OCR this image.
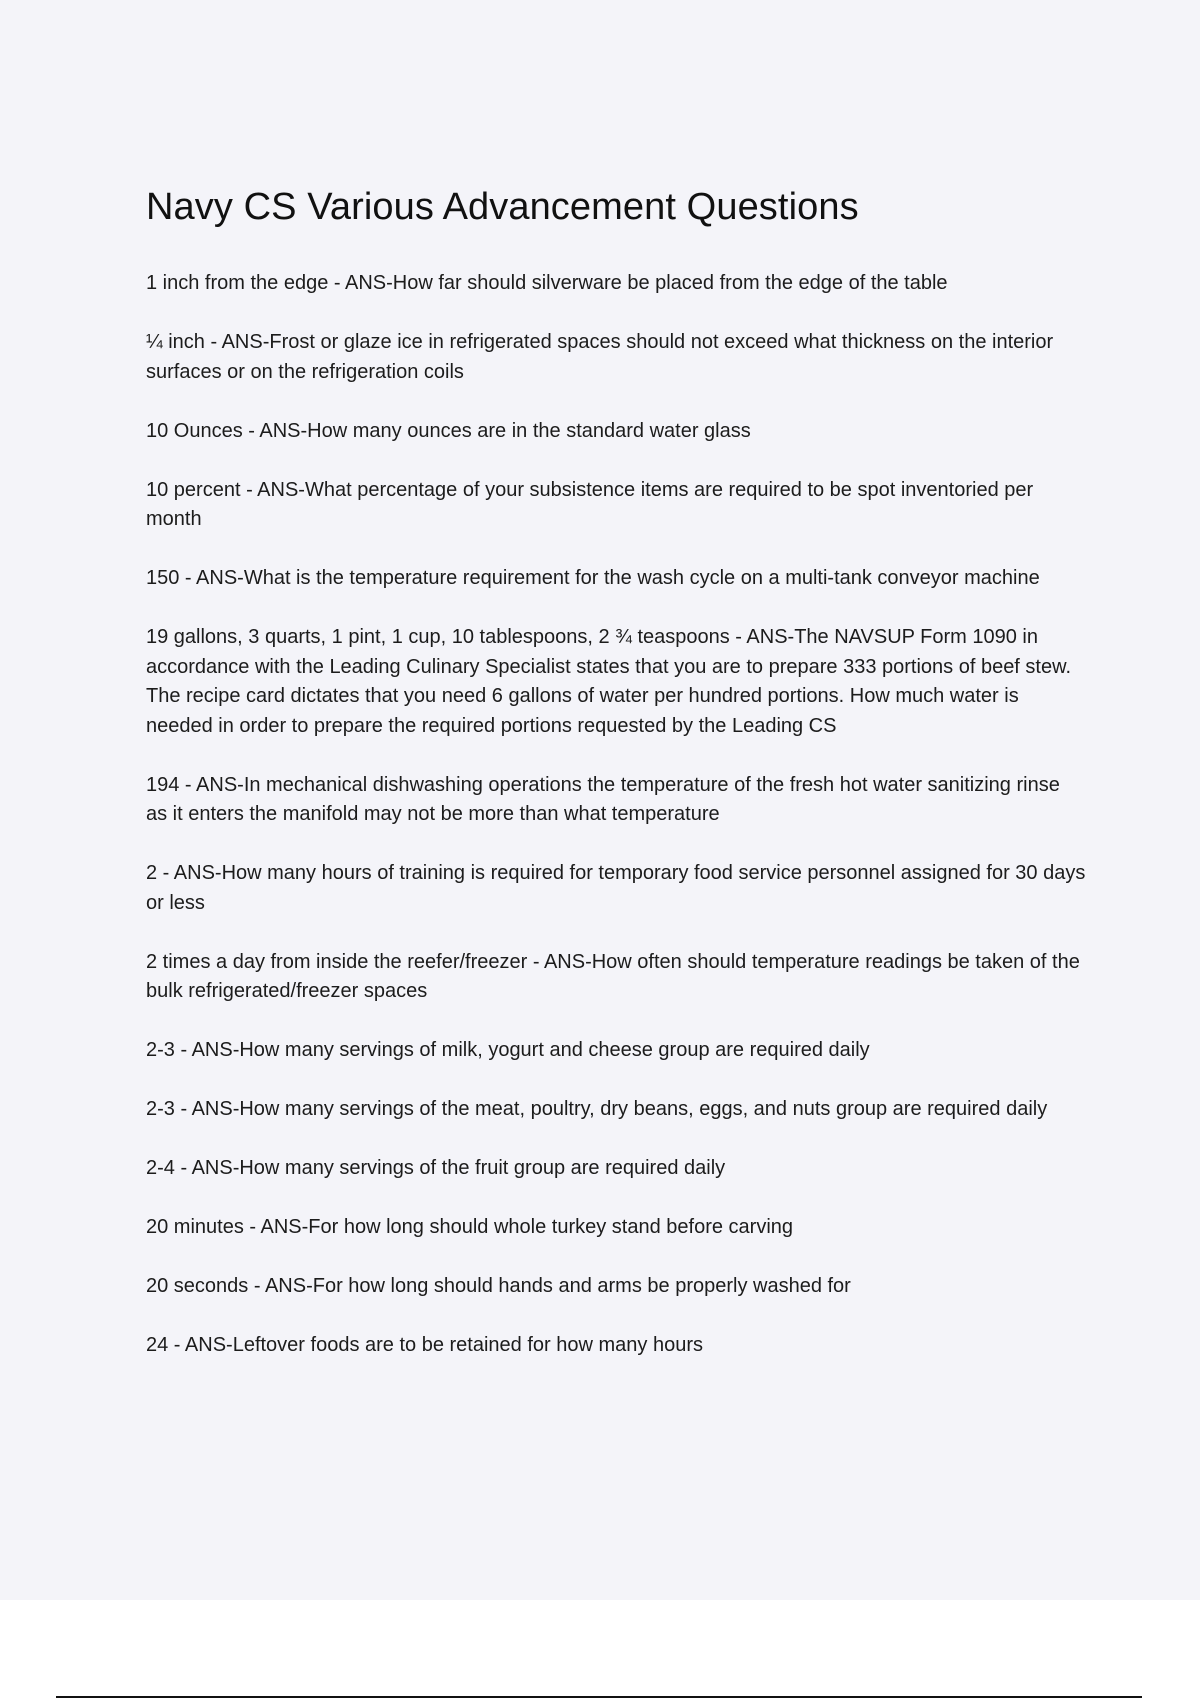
Navy CS Various Advancement Questions

1 inch from the edge - ANS-How far should silverware be placed from the edge of the table

¼ inch - ANS-Frost or glaze ice in refrigerated spaces should not exceed what thickness on the interior surfaces or on the refrigeration coils

10 Ounces - ANS-How many ounces are in the standard water glass

10 percent - ANS-What percentage of your subsistence items are required to be spot inventoried per month

150 - ANS-What is the temperature requirement for the wash cycle on a multi-tank conveyor machine

19 gallons, 3 quarts, 1 pint, 1 cup, 10 tablespoons, 2 ¾ teaspoons - ANS-The NAVSUP Form 1090 in accordance with the Leading Culinary Specialist states that you are to prepare 333 portions of beef stew. The recipe card dictates that you need 6 gallons of water per hundred portions. How much water is needed in order to prepare the required portions requested by the Leading CS

194 - ANS-In mechanical dishwashing operations the temperature of the fresh hot water sanitizing rinse as it enters the manifold may not be more than what temperature

2 - ANS-How many hours of training is required for temporary food service personnel assigned for 30 days or less

2 times a day from inside the reefer/freezer - ANS-How often should temperature readings be taken of the bulk refrigerated/freezer spaces

2-3 - ANS-How many servings of milk, yogurt and cheese group are required daily

2-3 - ANS-How many servings of the meat, poultry, dry beans, eggs, and nuts group are required daily

2-4 - ANS-How many servings of the fruit group are required daily

20 minutes - ANS-For how long should whole turkey stand before carving

20 seconds - ANS-For how long should hands and arms be properly washed for

24 - ANS-Leftover foods are to be retained for how many hours
